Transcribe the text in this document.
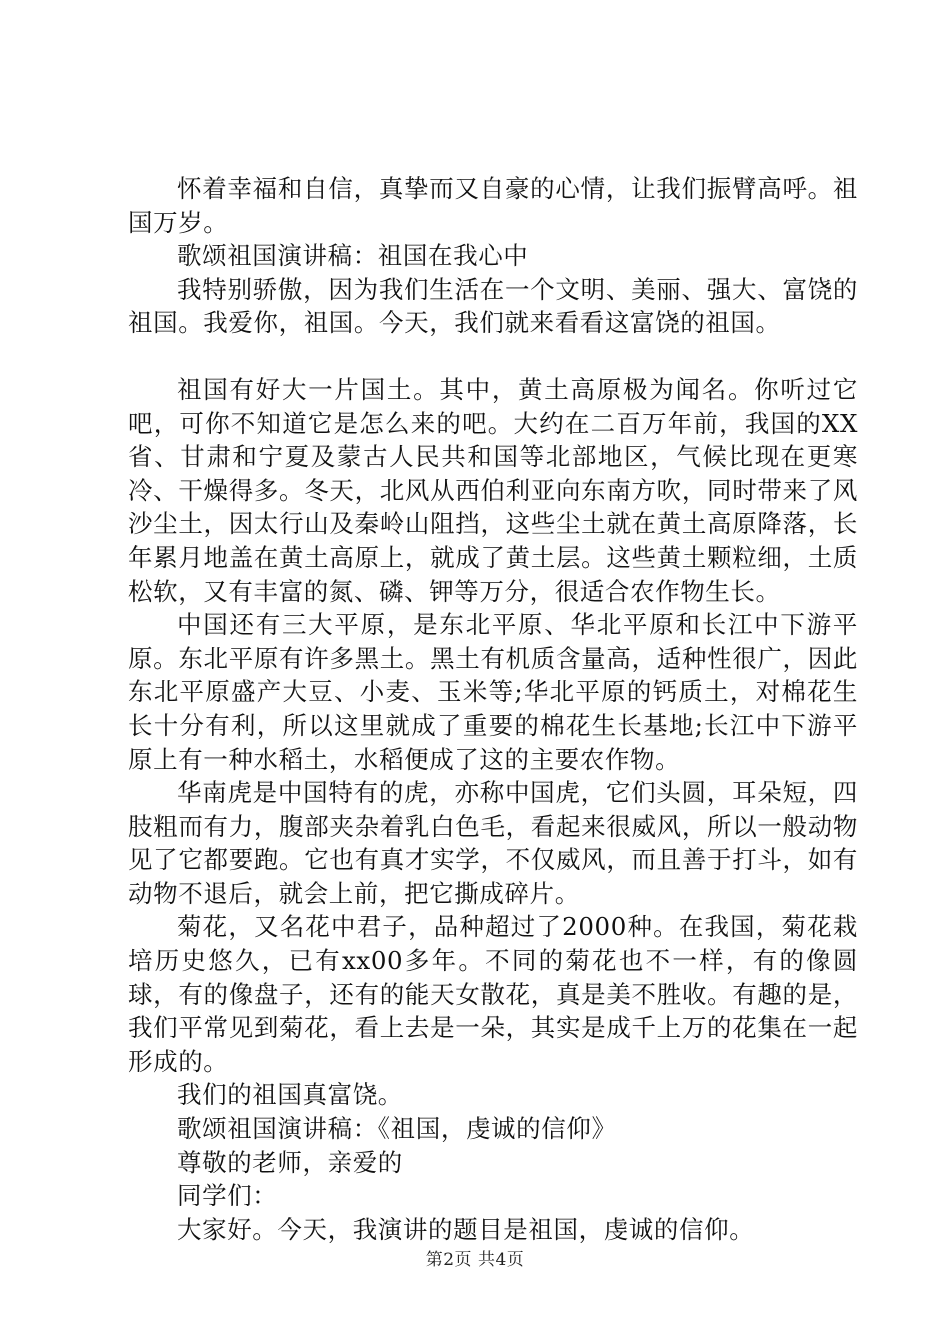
怀着幸福和自信，真挚而又自豪的心情，让我们振臂高呼。祖国万岁。

歌颂祖国演讲稿：祖国在我心中

我特别骄傲，因为我们生活在一个文明、美丽、强大、富饶的祖国。我爱你，祖国。今天，我们就来看看这富饶的祖国。

祖国有好大一片国土。其中，黄土高原极为闻名。你听过它吧，可你不知道它是怎么来的吧。大约在二百万年前，我国的XX省、甘肃和宁夏及蒙古人民共和国等北部地区，气候比现在更寒冷、干燥得多。冬天，北风从西伯利亚向东南方吹，同时带来了风沙尘土，因太行山及秦岭山阻挡，这些尘土就在黄土高原降落，长年累月地盖在黄土高原上，就成了黄土层。这些黄土颗粒细，土质松软，又有丰富的氮、磷、钾等万分，很适合农作物生长。

中国还有三大平原，是东北平原、华北平原和长江中下游平原。东北平原有许多黑土。黑土有机质含量高，适种性很广，因此东北平原盛产大豆、小麦、玉米等;华北平原的钙质土，对棉花生长十分有利，所以这里就成了重要的棉花生长基地;长江中下游平原上有一种水稻土，水稻便成了这的主要农作物。

华南虎是中国特有的虎，亦称中国虎，它们头圆，耳朵短，四肢粗而有力，腹部夹杂着乳白色毛，看起来很威风，所以一般动物见了它都要跑。它也有真才实学，不仅威风，而且善于打斗，如有动物不退后，就会上前，把它撕成碎片。

菊花，又名花中君子，品种超过了2000种。在我国，菊花栽培历史悠久，已有xx00多年。不同的菊花也不一样，有的像圆球，有的像盘子，还有的能天女散花，真是美不胜收。有趣的是，我们平常见到菊花，看上去是一朵，其实是成千上万的花集在一起形成的。

我们的祖国真富饶。

歌颂祖国演讲稿：《祖国，虔诚的信仰》

尊敬的老师，亲爱的

同学们：

大家好。今天，我演讲的题目是祖国，虔诚的信仰。

第2页 共4页
